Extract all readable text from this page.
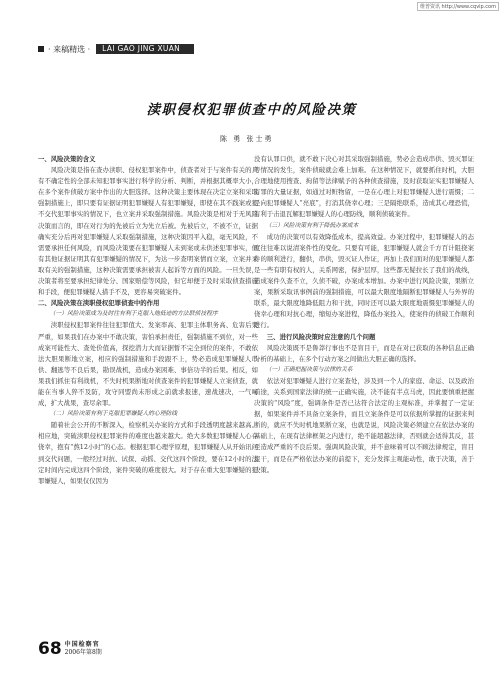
维普资讯 http://www.cqvip.com
· 来稿精选 ·	LAI GAO JING XUAN
渎职侵权犯罪侦查中的风险决策
陈 勇 张士勇

一、风险决策的含义

风险决策是指在查办渎职、侵权犯罪案件中，侦查者对于与案件有关的具有不确定性的全部未知犯罪事实进行科学的分析、判断，并根据其概率大小，在多个案件侦破方案中作出的大胆选择。这种决策主要体现在决定立案和采取强制措施上，即只要有证据证明犯罪嫌疑人有犯罪嫌疑，即使在其不践案或犯不交代犯罪事实的情况下，也立案并采取强制措施。风险决策是相对于无风险决策而言的，即在对行为的先被后立为先立后被。先被后立，不被不立，证据确实充分后再对犯罪嫌疑人采取强制措施，这种决策因平入稳，毫无风险，不需要承担任何风险，而风险决策要在犯罪嫌疑人未到案或未供述犯罪事实，但有其他证据证明其有犯罪嫌疑的情况下，为达一步查明案情而立案，立案并采取有关的强制措施，这种决策需要承担被害人起诉等方面的风险。一旦失误，决策者将至要承担纪律处分、国家赔偿等风险，但它却便于及时采取侦查措施和手段，便犯罪嫌疑人措手不及，更容易突破案件。

二、风险决策在渎职侵权犯罪侦查中的作用

（一）风险决策成为及时往有利于克服入地低迹的方法联侦技程序

渎职侵权犯罪案件往往犯罪值大、发案率高、犯罪主体职务高、危害后果严重，如果我们在办案中不敢决策，害怕承担责任，强制措施不到位，对一些成案可能性大、查处价值高，探挖潜力大而证据暂不完全到位的案件，不敢依法大胆果断地立案，相应的强制措施和手段跟不上，势必造成犯罪嫌疑人串供、翻逃等不良后果，勘误战机，造成办案困难、事倍功半的后果。相反，如果我们抓住有利战机，不失时机果断地对侦查案件的犯罪嫌疑人立案侦查，就能在当事人猝不及防，攻守同盟尚未形成之前就求报速，速战速决，一气呵成，扩大战果，查尽余罪。

（二）风险决策有利于克服犯罪嫌疑人的心理防线

随着社会公开的不断深入，检察机关办案的方式和手段透明度越来越高。相应地，突破渎职侵权犯罪案件的难度也越来越大。绝大多数犯罪嫌疑人心存侥幸，抱有“熬12小时”的心态。根据犯罪心理学原理，犯罪嫌疑人从开始讯问到交代问题，一般经过对抗、试探、动摇、交代这四个阶段，要在12小时的法定时间内完成这四个阶段，案件突破的难度很大。对于存在重大犯罪嫌疑的犯罪嫌疑人，如果仅仅因为

没有认罪口供，就不敢下决心对其采取强制措施，势必会造成串供、毁灭罪证等情况的发生，案件侦破就会难上加难。在这种情况下，就要抓住时机，大胆合理地使用搜查、拘留等法律赋予的各种侦查措施，及时获取证实犯罪嫌疑人有罪的大量证据，如通过对赃物留，一是在心理上对犯罪嫌疑人进行震慑；二是向犯罪嫌疑人“亮底”，打消其侥幸心理；三是隔绝联系，造成其心理恐慌，有利于击退瓦解犯罪嫌疑人的心理防线，顺利侦破案件。

（三）风险决策有利于降低办案成本

成功的决策可以有效降低成本，提高效益。办案过程中，犯罪嫌疑人的态度往往难以说清案件性的变化。只要有可能，犯罪嫌疑人就会千方百计阻挠案件的顺利进行，翻供，串供，毁灭证人作证，再加上我们面对的犯罪嫌疑人都是一些有职有权的人，关系网密，保护层厚，这些都无疑拉长了我们的战线，造成案件久查不立，久侦不破，办案成本增加。办案中进行风险决策，果断立案，果断采取讯事例前的强制措施，可以最大限度地隔断犯罪嫌疑人与外界的联系，最大限度地降低阻力和干扰，同时还可以最大限度地震慑犯罪嫌疑人的侥幸心理和对抗心理，缩短办案进程，降低办案投入，使案件的侦破工作顺利进行。

三、进行风险决策时应注意的几个问题

风险决策既不是鲁莽行事也不是盲目干，而是在对已获取的各种信息正确分析的基础上，在多个行动方案之间做出大胆正确的选择。

（一）正确把握决策与法律的关系

依法对犯罪嫌疑人进行立案查处，涉及到一个人的家庭、命运、以及政治前途，关系到国家法律的统一正确实施，决不能有半点马虎，因此要慎重把握决策的“风险”度，强调条件是否已达符合法定的主观标准，并掌握了一定证据，如果案件并不具备立案条件，而且立案条件是可以依据所掌握的证据来判断的，就应不失时机地果断立案，也就是说，风险决策必须建立在依法办案的基础上，在现有法律框架之内进行，绝不能超越法律，否则就会适得其反，甚至造成严重的不良后果。强调风险决策，并不意味着可以不顾法律规定，盲目蛮干，而是在严格依法办案的前提下，充分发挥主观能动性，敢于决策，善于决策。

68 中国检察官
2006年第8期
